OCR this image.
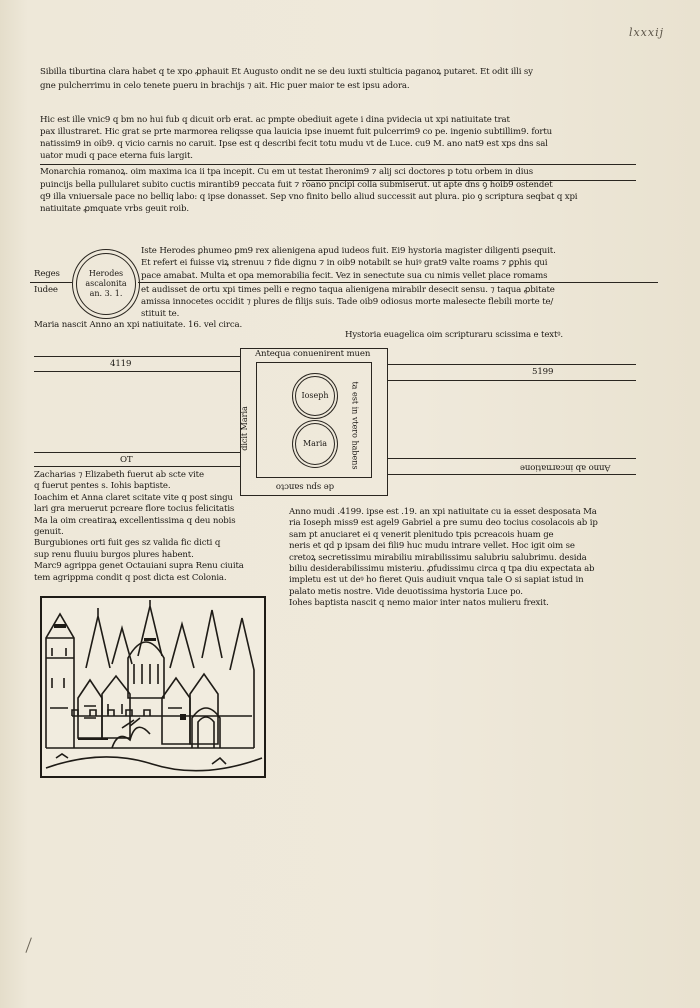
lxxxij
Sibilla tiburtina clara habet q te xpo ꝓphauit Et Augusto ondit ne se deu iuxti stulticia paganoꝝ putaret. Et odit illi sy
gne pulcherrimu in celo tenete pueru in brachijs ⁊ ait. Hic puer maior te est ipsu adora.
Hic est ille vnic9 q bm no hui fub q dicuit orb erat. ac pmpte obediuit agete i dina pvidecia ut xpi natiuitate trat
pax illustraret. Hic grat se prte marmorea reliqsse qua lauicia ipse inuemt fuit pulcerrim9 co pe. ingenio subtillim9. fortu
natissim9 in oib9. q vicio carnis no caruit. Ipse est q describi fecit totu mudu vt de Luce. cu9 M. ano nat9 est xps dns sal
uator mudi q pace eterna fuis largit.
Monarchia romanoꝝ. oim maxima ica ii tpa incepit. Cu em ut testat Iheronim9 ⁊ alij sci doctores p totu orbem in dius
puincijs bella pullularet subito cuctis mirantib9 peccata fuit ⁊ roano pncipi colla submiserut. ut apte dns ꝯ hoib9 ostendet
q9 illa vniuersale pace no belliq labo: q ipse donasset. Sep vno finito bello aliud successit aut plura. pio ꝯ scriptura seqbat q xpi
natiuitate ꝓmquate vrbs geuit roib.
Reges
Iudee
Herodes
ascalonita
an. 3. 1.
Iste Herodes ꝑhumeo ꝑm9 rex alienigena apud iudeos fuit. Ei9 hystoria magister diligenti ꝑsequit.
Et refert ei fuisse viꝝ strenuu ⁊ fide dignu ⁊ in oib9 notabilt se huiꝰ grat9 valte roams ⁊ ꝑphis qui
pace amabat. Multa et opa memorabilia fecit. Vez in senectute sua cu nimis vellet place romams
et audisset de ortu xpi times pelli e regno taqua alienigena mirabilr desecit sensu. ⁊ taqua ꝓbitate
amissa innocetes occidit ⁊ plures de filijs suis. Tade oib9 odiosus morte malesecte flebili morte te/
stituit te.
Maria nascit Anno an xpi natiuitate. 16. vel circa.
Hystoria euagelica oim scripturaru scissima e textꝰ.
4119
5199
Antequa conuenirent muen
ta est in vtero habens
de spu sancto
dicit Maria
Ioseph
Maria
OT
Anno ab incarnatione
Zacharias ⁊ Elizabeth fuerut ab scte vite
q fuerut pentes s. Iohis baptiste.
Ioachim et Anna claret scitate vite q post singu
lari gra meruerut pcreare flore tocius felicitatis
Ma la oim creatiraꝝ excellentissima q deu nobis
genuit.
Burgubiones orti fuit ges sz valida fic dicti q
sup renu fluuiu burgos plures habent.
Marc9 agrippa genet Octauiani supra Renu ciuita
tem agrippma condit q post dicta est Colonia.
Anno mudi .4199. ipse est .19. an xpi natiuitate cu ia esset desposata Ma
ria Ioseph miss9 est agel9 Gabriel a pre sumu deo tocius cosolacois ab ip
sam pt anuciaret ei q venerit plenitudo tpis pcreacois huam ge
neris et qd p ipsam dei fili9 huc mudu intrare vellet. Hoc igit oim se
cretoꝝ secretissimu mirabiliu mirabilissimu salubriu salubrimu. desida
biliu desiderabilissimu misteriu. ꝓfudissimu circa q tpa diu expectata ab
impletu est ut deꝰ ho fieret Quis audiuit vnqua tale O si sapiat istud in
palato metis nostre. Vide deuotissima hystoria Luce po.
Iohes baptista nascit q nemo maior inter natos mulieru frexit.
